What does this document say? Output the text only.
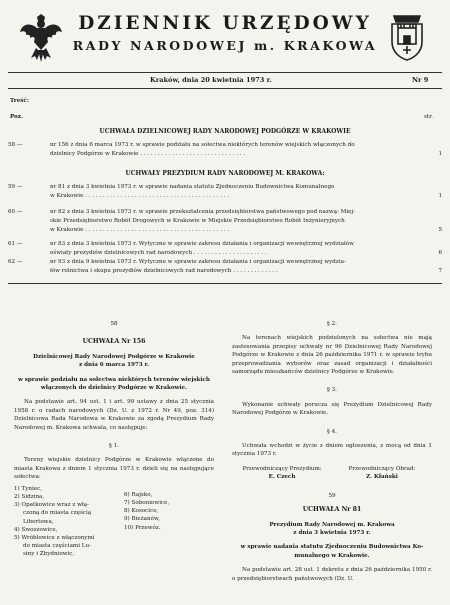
DZIENNIK URZĘDOWY
RADY NARODOWEJ m. KRAKOWA
Kraków, dnia 20 kwietnia 1973 r.	Nr 9
Treść:
Poz.	str.
UCHWAŁA DZIELNICOWEJ RADY NARODOWEJ PODGÓRZE W KRAKOWIE
58 —	nr 156 z dnia 6 marca 1973 r. w sprawie podziału na sołectwa niektórych terenów wiejskich włączonych do
dzielnicy Podgórze w Krakowie . . . . . . . . . . . . . . . . . . . . . . . . . . . . . .	1
UCHWAŁY PREZYDIUM RADY NARODOWEJ M. KRAKOWA:
59 —	nr 81 z dnia 3 kwietnia 1973 r. w sprawie nadania statutu Zjednoczeniu Budownictwa Komunalnego
w Krakowie . . . . . . . . . . . . . . . . . . . . . . . . . . . . . . . . . . . . . . . . .	1
60 —	nr 82 z dnia 3 kwietnia 1973 r. w sprawie przekształcenia przedsiębiorstwa państwowego pod nazwą: Miej-
skie Przedsiębiorstwo Robót Drogowych w Krakowie w Miejskie Przedsiębiorstwo Robót Inżynieryjnych
w Krakowie . . . . . . . . . . . . . . . . . . . . . . . . . . . . . . . . . . . . . . . . .	5
61 —	nr 83 z dnia 3 kwietnia 1973 r. Wytyczne w sprawie zakresu działania i organizacji wewnętrznej wydziałów
oświaty prezydiów dzielnicowych rad narodowych . . . . . . . . . . . . . . . . . . . . .	6
62 —	nr 93 z dnia 9 kwietnia 1973 r. Wytyczne w sprawie zakresu działania i organizacji wewnętrznej wydzia-
łów rolnictwa i skupu prezydiów dzielnicowych rad narodowych . . . . . . . . . . . . .	7
58
UCHWAŁA Nr 156
Dzielnicowej Rady Narodowej Podgórze w Krakowie
z dnia 6 marca 1973 r.
w sprawie podziału na sołectwa niektórych terenów wiejskich
włączonych do dzielnicy Podgórze w Krakowie.

Na podstawie art. 94 ust. 1 i art. 99 ustawy z dnia 25 stycznia 1958 r. o radach narodowych (Dz. U. z 1972 r. Nr 49, poz. 314) Dzielnicowa Rada Narodowa w Krakowie za zgodą Prezydium Rady Narodowej m. Krakowa uchwala, co następuje:

§ 1.

Tereny wiejskie dzielnicy Podgórze w Krakowie włączone do miasta Krakowa z dniem 1 stycznia 1973 r. dzieli się na następujące sołectwa:

1) Tyniec,
2) Sidzina,
3) Opatkowice wraz z włą-
czoną do miasta częścią
Libertowa,
4) Swoszowice,
5) Wróblowice z włączonymi
do miasta częściami Lu-
siny i Zbydniowic,
6) Rajsko,
7) Soboniowice,
8) Kosocice,
9) Bieżanów,
10) Przewóz.
§ 2.

Na terenach wiejskich podzielonych na sołectwa nie mają zastosowania przepisy uchwały nr 96 Dzielnicowej Rady Narodowej Podgórze w Krakowie z dnia 26 października 1971 r. w sprawie trybu przeprowadzania wyborów oraz zasad organizacji i działalności samorządu mieszkańców dzielnicy Podgórze w Krakowie.

§ 3.

Wykonanie uchwały porucza się Prezydium Dzielnicowej Rady Narodowej Podgórze w Krakowie.

§ 4.

Uchwała wchodzi w życie z dniem ogłoszenia, z mocą od dnia 1 stycznia 1973 r.

Przewodniczący Prezydium:
E. Czech
Przewodniczący Obrad:
Z. Kłański
59
UCHWAŁA Nr 81
Prezydium Rady Narodowej m. Krakowa
z dnia 3 kwietnia 1973 r.
w sprawie nadania statutu Zjednoczeniu Budownictwa Ko-
munalnego w Krakowie.

Na podstawie art. 28 ust. 1 dekretu z dnia 26 października 1950 r. o przedsiębiorstwach państwowych (Dz. U.
